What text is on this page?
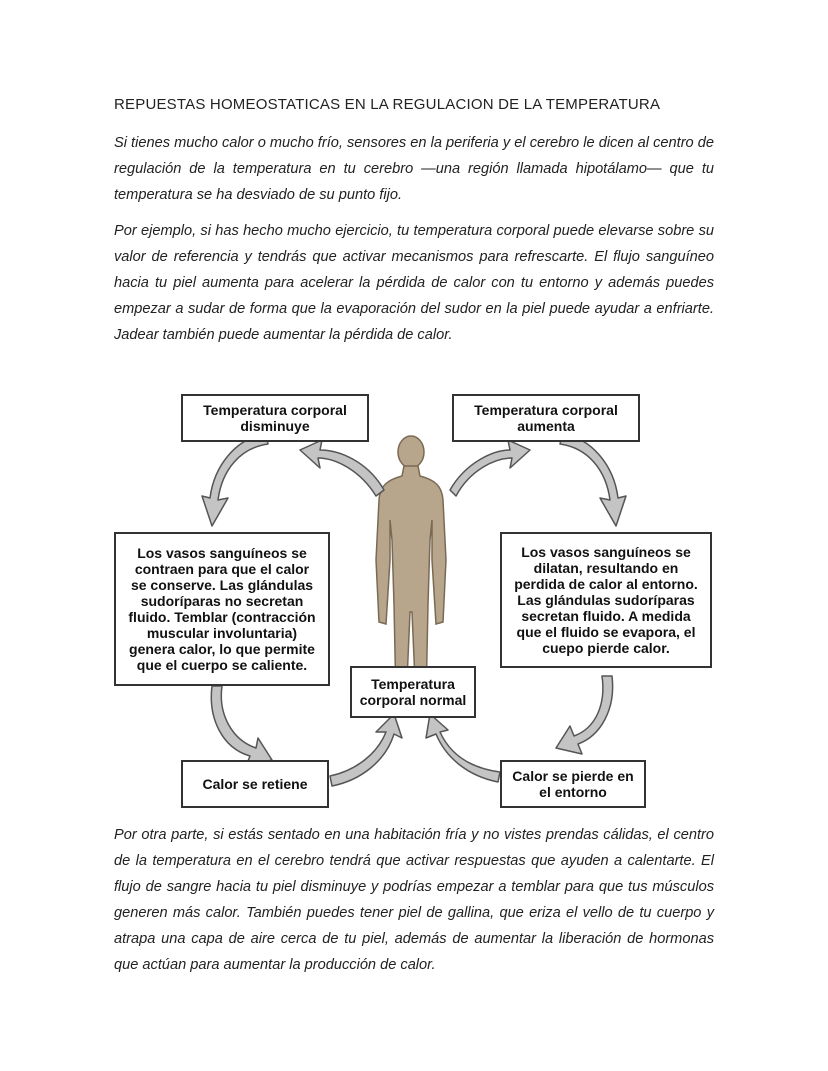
REPUESTAS HOMEOSTATICAS EN LA REGULACION DE LA TEMPERATURA
Si tienes mucho calor o mucho frío, sensores en la periferia y el cerebro le dicen al centro de regulación de la temperatura en tu cerebro —una región llamada hipotálamo— que tu temperatura se ha desviado de su punto fijo.
Por ejemplo, si has hecho mucho ejercicio, tu temperatura corporal puede elevarse sobre su valor de referencia y tendrás que activar mecanismos para refrescarte. El flujo sanguíneo hacia tu piel aumenta para acelerar la pérdida de calor con tu entorno y además puedes empezar a sudar de forma que la evaporación del sudor en la piel puede ayudar a enfriarte. Jadear también puede aumentar la pérdida de calor.
Temperatura corporal disminuye
Temperatura corporal aumenta
Los vasos sanguíneos se contraen para que el calor se conserve. Las glándulas sudoríparas no secretan fluido. Temblar (contracción muscular involuntaria) genera calor, lo que permite que el cuerpo se caliente.
Los vasos sanguíneos se dilatan, resultando en perdida de calor al entorno. Las glándulas sudoríparas secretan fluido. A medida que el fluido se evapora, el cuepo pierde calor.
Temperatura corporal normal
Calor se retiene	Calor se pierde en el entorno
Por otra parte, si estás sentado en una habitación fría y no vistes prendas cálidas, el centro de la temperatura en el cerebro tendrá que activar respuestas que ayuden a calentarte. El flujo de sangre hacia tu piel disminuye y podrías empezar a temblar para que tus músculos generen más calor. También puedes tener piel de gallina, que eriza el vello de tu cuerpo y atrapa una capa de aire cerca de tu piel, además de aumentar la liberación de hormonas que actúan para aumentar la producción de calor.
